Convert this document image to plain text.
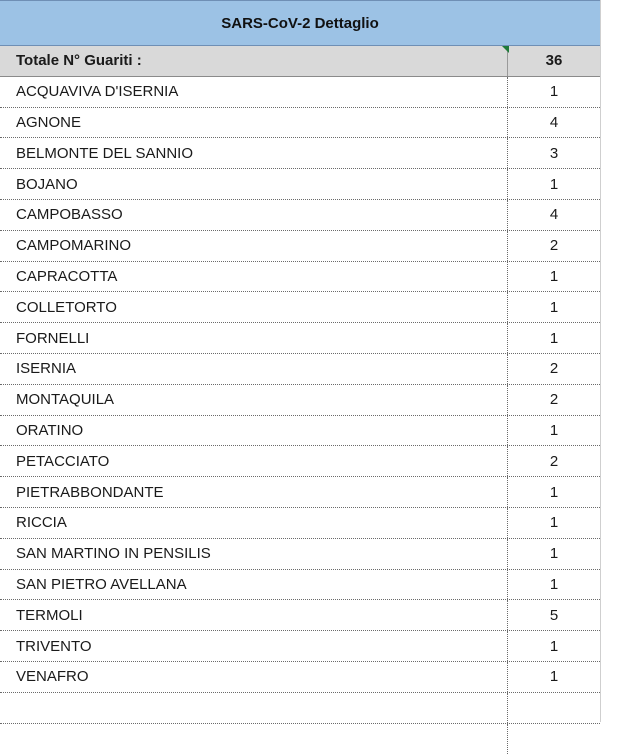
SARS-CoV-2 Dettaglio
Totale N° Guariti :	36
ACQUAVIVA D'ISERNIA	1
AGNONE	4
BELMONTE DEL SANNIO	3
BOJANO	1
CAMPOBASSO	4
CAMPOMARINO	2
CAPRACOTTA	1
COLLETORTO	1
FORNELLI	1
ISERNIA	2
MONTAQUILA	2
ORATINO	1
PETACCIATO	2
PIETRABBONDANTE	1
RICCIA	1
SAN MARTINO IN PENSILIS	1
SAN PIETRO AVELLANA	1
TERMOLI	5
TRIVENTO	1
VENAFRO	1
